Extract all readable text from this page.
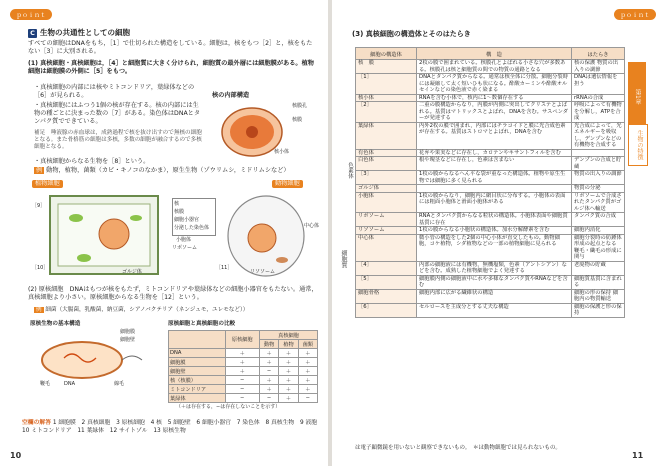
ｐｏｉｎｔ
C 生物の共通性としての細胞
すべての細胞はDNAをもち，［1］で仕切られた構造をしている。細胞は，核をもつ［2］と，核をもたない［3］に大別される。
(1) 真核細胞・真核細胞は，［4］と細胞質に大きく分けられ，細胞質の最外層には細胞膜がある。植物細胞は細胞膜の外側に［5］をもつ。
・真核細胞の内部には核やミトコンドリア，葉緑体などの［6］が見られる。
・真核細胞にはふつう1個の核が存在する。核の内部には生物の種ごとに決まった数の［7］がある。染色体はDNAとタンパク質でできている。
補足　唾液腺の赤血球は，成熟過程で核を抜け出すので無核の細胞となる。また骨格筋の細胞は多核，多数の細胞が融合するので多核細胞となる。
・真核細胞からなる生物を［8］という。
例 動物，植物，菌類（カビ・キノコのなかま），原生生物（ゾウリムシ，ミドリムシなど）
核の内部構造
核膜孔
核膜
核小体
植物細胞	動物細胞
核
核膜
細胞小器官
分泌した染色体
小胞体
リボソーム
ゴルジ体	リソソーム
中心体
［9］
［10］	［11］
(2) 原核細胞　DNAはもつが核をもたず，ミトコンドリアや葉緑体などの細胞小器官をもたない。通常，真核細胞より小さい。原核細胞からなる生物を［12］という。
例 細菌（大腸菌，乳酸菌，納豆菌，シアノバクテリア（ネンジュモ，ユレモなど））
原核生物の基本構造
細胞膜
細胞壁
DNA
鞭毛	線毛
原核細胞と真核細胞の比較
	原核細胞	真核細胞		
		動物	植物	菌類
DNA	＋	＋	＋	＋
細胞膜	＋	＋	＋	＋
細胞壁	＋	−	＋	＋
核（核膜）	−	＋	＋	＋
ミトコンドリア	−	＋	＋	＋
葉緑体	−	−	＋	−
（＋は存在する，−は存在しないことを示す）
空欄の解答 1 細胞膜　2 真核細胞　3 原核細胞　4 核　5 細胞壁　6 細胞小器官　7 染色体　8 真核生物　9 液胞　10 ミトコンドリア　11 葉緑体　12 サイトゾル　13 原核生物
10
ｐｏｉｎｔ
(3) 真核細胞の構造体とそのはたらき
11
細胞の構造体	構　造	はたらき
核　膜	2枚の膜で囲まれている。核膜孔とよばれる小さな穴が多数ある。核膜孔は核と細胞質の間での物質の通路となる	核の保護 物質の出入りの調節
［1］	DNAとタンパク質からなる。通常は核全体に分散。細胞分裂時には凝縮して太く短いひも状になる。酢酸カーミンや酢酸オルセインなどの染色液で赤く染まる	DNAは遺伝情報を担う
核小体	RNAを含む小体で，核内に1〜数個存在する	rRNAの合成
［2］	二重の膜構造からなり，内膜が内側に突出してクリステとよばれる。基質はマトリックスとよばれ，DNAを含む。サスペンダーが発達する	呼吸によって有機物を分解し，ATPを合成
葉緑体	内外2枚の膜で囲まれ，内部にはチラコイドと膜に光合成色素が存在する。基質はストロマとよばれ，DNAを含む	光合成によって，光エネルギーを吸収し，デンプンなどの有機物を合成する
有色体	花弁や果実などに存在し，カロテンやキサントフィルを含む	
白色体	根や塊茎などに存在し，色素は含まない	デンプンの合成と貯蔵
［3］	1枚の膜からなるへん平な袋が重なった構造体。植物や原生生物では細胞に多く見られる	物質の出入りの調節
ゴルジ体		物質の分泌
小胞体	1枚の膜からなり，細胞内に網目状に分布する。小胞体の表面には粗面小胞体と滑面小胞体がある	リボソームで合成されたタンパク質がゴルジ体へ輸送
リボソーム	RNAとタンパク質からなる粒状の構造体。小胞体表面や細胞質基質に存在	タンパク質の合成
リソソーム	1枚の膜からなる小胞状の構造体。加水分解酵素を含む	細胞内消化
中心体	微小管の構造をした2個の中心小体が直交したもの。動物細胞，コケ植物，シダ植物などの一部の植物細胞に見られる	細胞分裂時の紡錘体形成の起点となる 鞭毛・繊毛の形成に関与
［4］	内部の細胞液には有機物，無機塩類，色素（アントシアン）などを含む。成熟した植物細胞でよく発達する	老廃物の貯蔵
［5］	細胞膜内側の細胞液中に水や多様なタンパク質やRNAなどを含む	細胞質基質に含まれる
細胞骨格	細胞内部に広がる繊維状の構造	細胞の形の保持 細胞内の物質輸送
［6］	セルロースを主成分とする丈夫な構造	細胞の保護と形の保持
細胞質
色素体
第1章
生物の特徴
は電子顕微鏡を用いないと観察できないもの。　＊は動物細胞では見られないもの。
